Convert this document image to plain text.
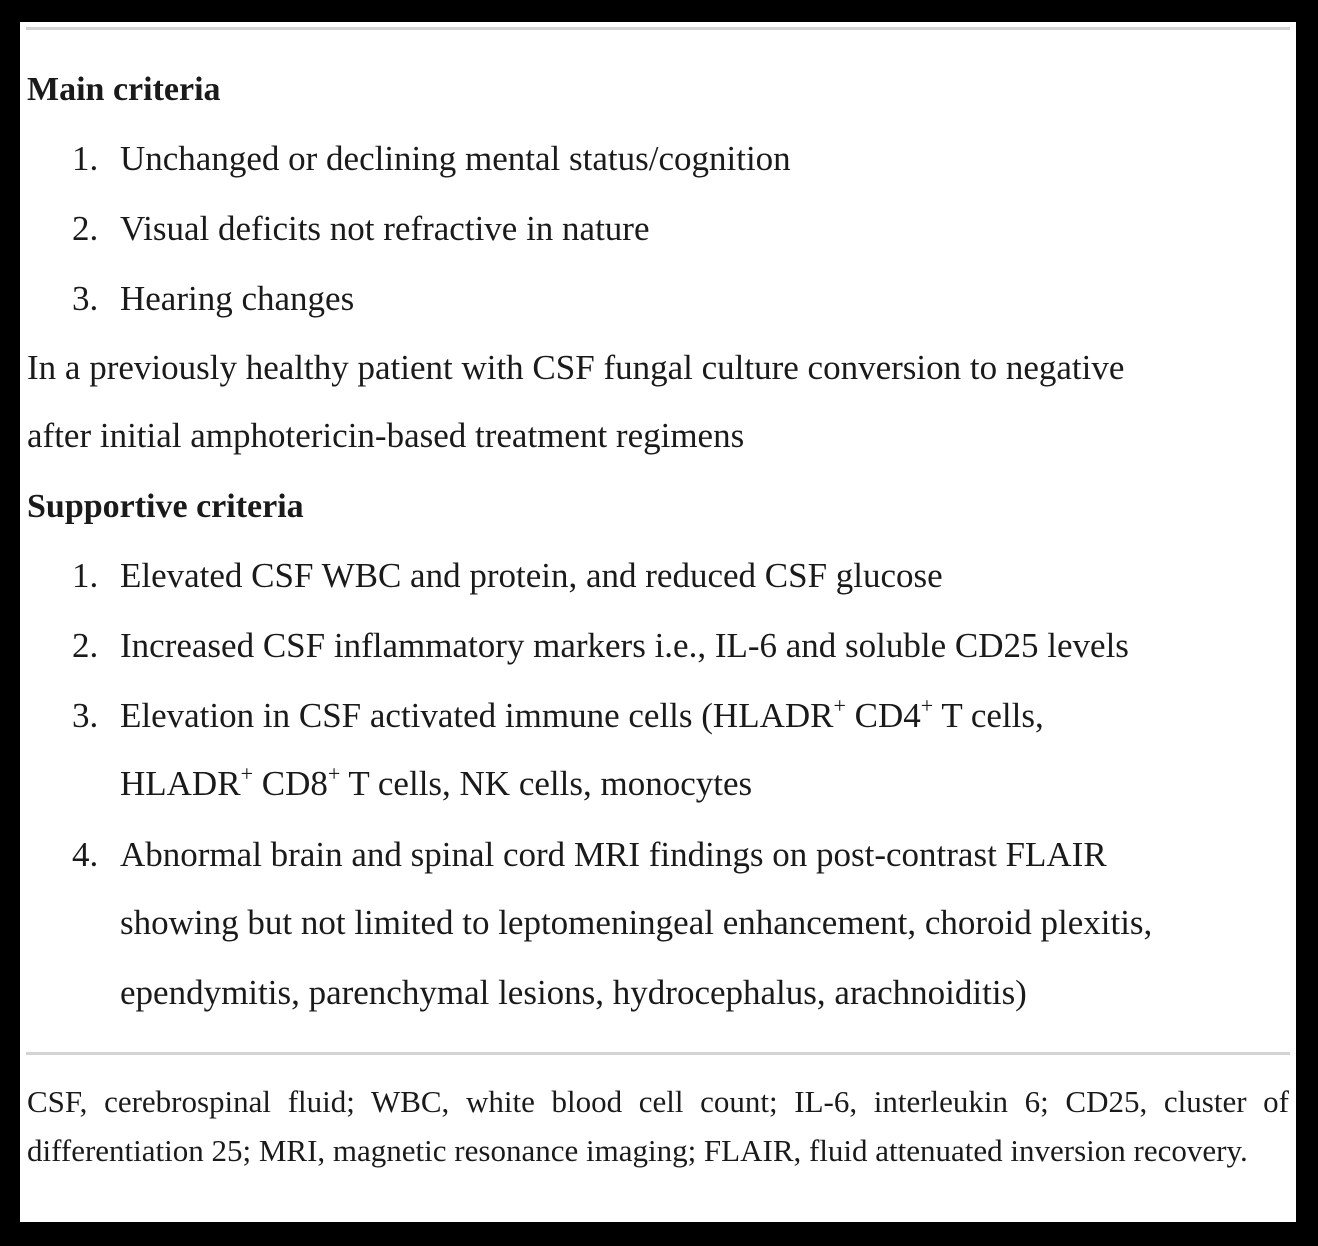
Main criteria
1. Unchanged or declining mental status/cognition
2. Visual deficits not refractive in nature
3. Hearing changes
In a previously healthy patient with CSF fungal culture conversion to negative
after initial amphotericin-based treatment regimens
Supportive criteria
1. Elevated CSF WBC and protein, and reduced CSF glucose
2. Increased CSF inflammatory markers i.e., IL-6 and soluble CD25 levels
3. Elevation in CSF activated immune cells (HLADR+ CD4+ T cells,
HLADR+ CD8+ T cells, NK cells, monocytes
4. Abnormal brain and spinal cord MRI findings on post-contrast FLAIR
showing but not limited to leptomeningeal enhancement, choroid plexitis,
ependymitis, parenchymal lesions, hydrocephalus, arachnoiditis)
CSF, cerebrospinal fluid; WBC, white blood cell count; IL-6, interleukin 6; CD25, cluster of differentiation 25; MRI, magnetic resonance imaging; FLAIR, fluid attenuated inversion recovery.
